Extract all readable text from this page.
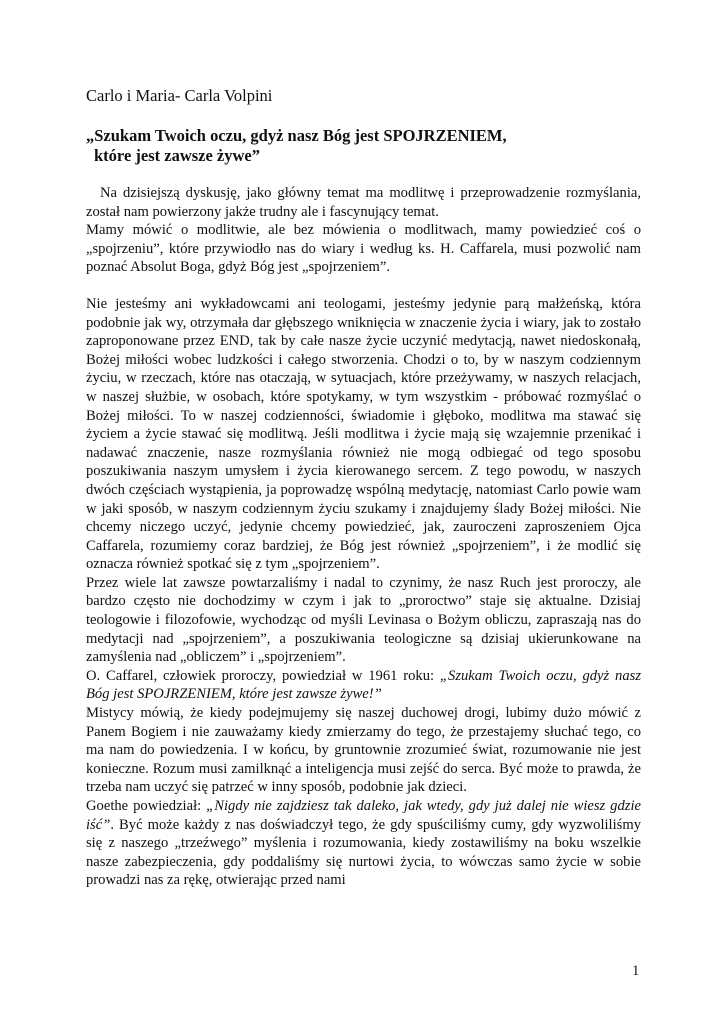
Carlo i Maria- Carla Volpini

„Szukam Twoich oczu, gdyż nasz Bóg jest SPOJRZENIEM,
które jest zawsze żywe”

Na dzisiejszą dyskusję, jako główny temat ma modlitwę i przeprowadzenie rozmyślania, został nam powierzony jakże trudny ale i fascynujący temat.

Mamy mówić o modlitwie, ale bez mówienia o modlitwach, mamy powiedzieć coś o „spojrzeniu”, które przywiodło nas do wiary i według ks. H. Caffarela, musi pozwolić nam poznać Absolut Boga, gdyż Bóg jest „spojrzeniem”.

Nie jesteśmy ani wykładowcami ani teologami, jesteśmy jedynie parą małżeńską, która podobnie jak wy, otrzymała dar głębszego wniknięcia w znaczenie życia i wiary, jak to zostało zaproponowane przez END, tak by całe nasze życie uczynić medytacją, nawet niedoskonałą, Bożej miłości wobec ludzkości i całego stworzenia. Chodzi o to, by w naszym codziennym życiu, w rzeczach, które nas otaczają, w sytuacjach, które przeżywamy, w naszych relacjach, w naszej służbie, w osobach, które spotykamy, w tym wszystkim - próbować rozmyślać o Bożej miłości. To w naszej codzienności, świadomie i głęboko, modlitwa ma stawać się życiem a życie stawać się modlitwą. Jeśli modlitwa i życie mają się wzajemnie przenikać i nadawać znaczenie, nasze rozmyślania również nie mogą odbiegać od tego sposobu poszukiwania naszym umysłem i życia kierowanego sercem. Z tego powodu, w naszych dwóch częściach wystąpienia, ja poprowadzę wspólną medytację, natomiast Carlo powie wam w jaki sposób, w naszym codziennym życiu szukamy i znajdujemy ślady Bożej miłości. Nie chcemy niczego uczyć, jedynie chcemy powiedzieć, jak, zauroczeni zaproszeniem Ojca Caffarela, rozumiemy coraz bardziej, że Bóg jest również „spojrzeniem”, i że modlić się oznacza również spotkać się z tym „spojrzeniem”.

Przez wiele lat zawsze powtarzaliśmy i nadal to czynimy, że nasz Ruch jest proroczy, ale bardzo często nie dochodzimy w czym i jak to „proroctwo” staje się aktualne. Dzisiaj teologowie i filozofowie, wychodząc od myśli Levinasa o Bożym obliczu, zapraszają nas do medytacji nad „spojrzeniem”, a poszukiwania teologiczne są dzisiaj ukierunkowane na zamyślenia nad „obliczem” i „spojrzeniem”.

O. Caffarel, człowiek proroczy, powiedział w 1961 roku: „Szukam Twoich oczu, gdyż nasz Bóg jest SPOJRZENIEM, które jest zawsze żywe!”

Mistycy mówią, że kiedy podejmujemy się naszej duchowej drogi, lubimy dużo mówić z Panem Bogiem i nie zauważamy kiedy zmierzamy do tego, że przestajemy słuchać tego, co ma nam do powiedzenia. I w końcu, by gruntownie zrozumieć świat, rozumowanie nie jest konieczne. Rozum musi zamilknąć a inteligencja musi zejść do serca. Być może to prawda, że trzeba nam uczyć się patrzeć w inny sposób, podobnie jak dzieci.

Goethe powiedział: „Nigdy nie zajdziesz tak daleko, jak wtedy, gdy już dalej nie wiesz gdzie iść”. Być może każdy z nas doświadczył tego, że gdy spuściliśmy cumy, gdy wyzwoliliśmy się z naszego „trzeźwego” myślenia i rozumowania, kiedy zostawiliśmy na boku wszelkie nasze zabezpieczenia, gdy poddaliśmy się nurtowi życia, to wówczas samo życie w sobie prowadzi nas za rękę, otwierając przed nami

1
